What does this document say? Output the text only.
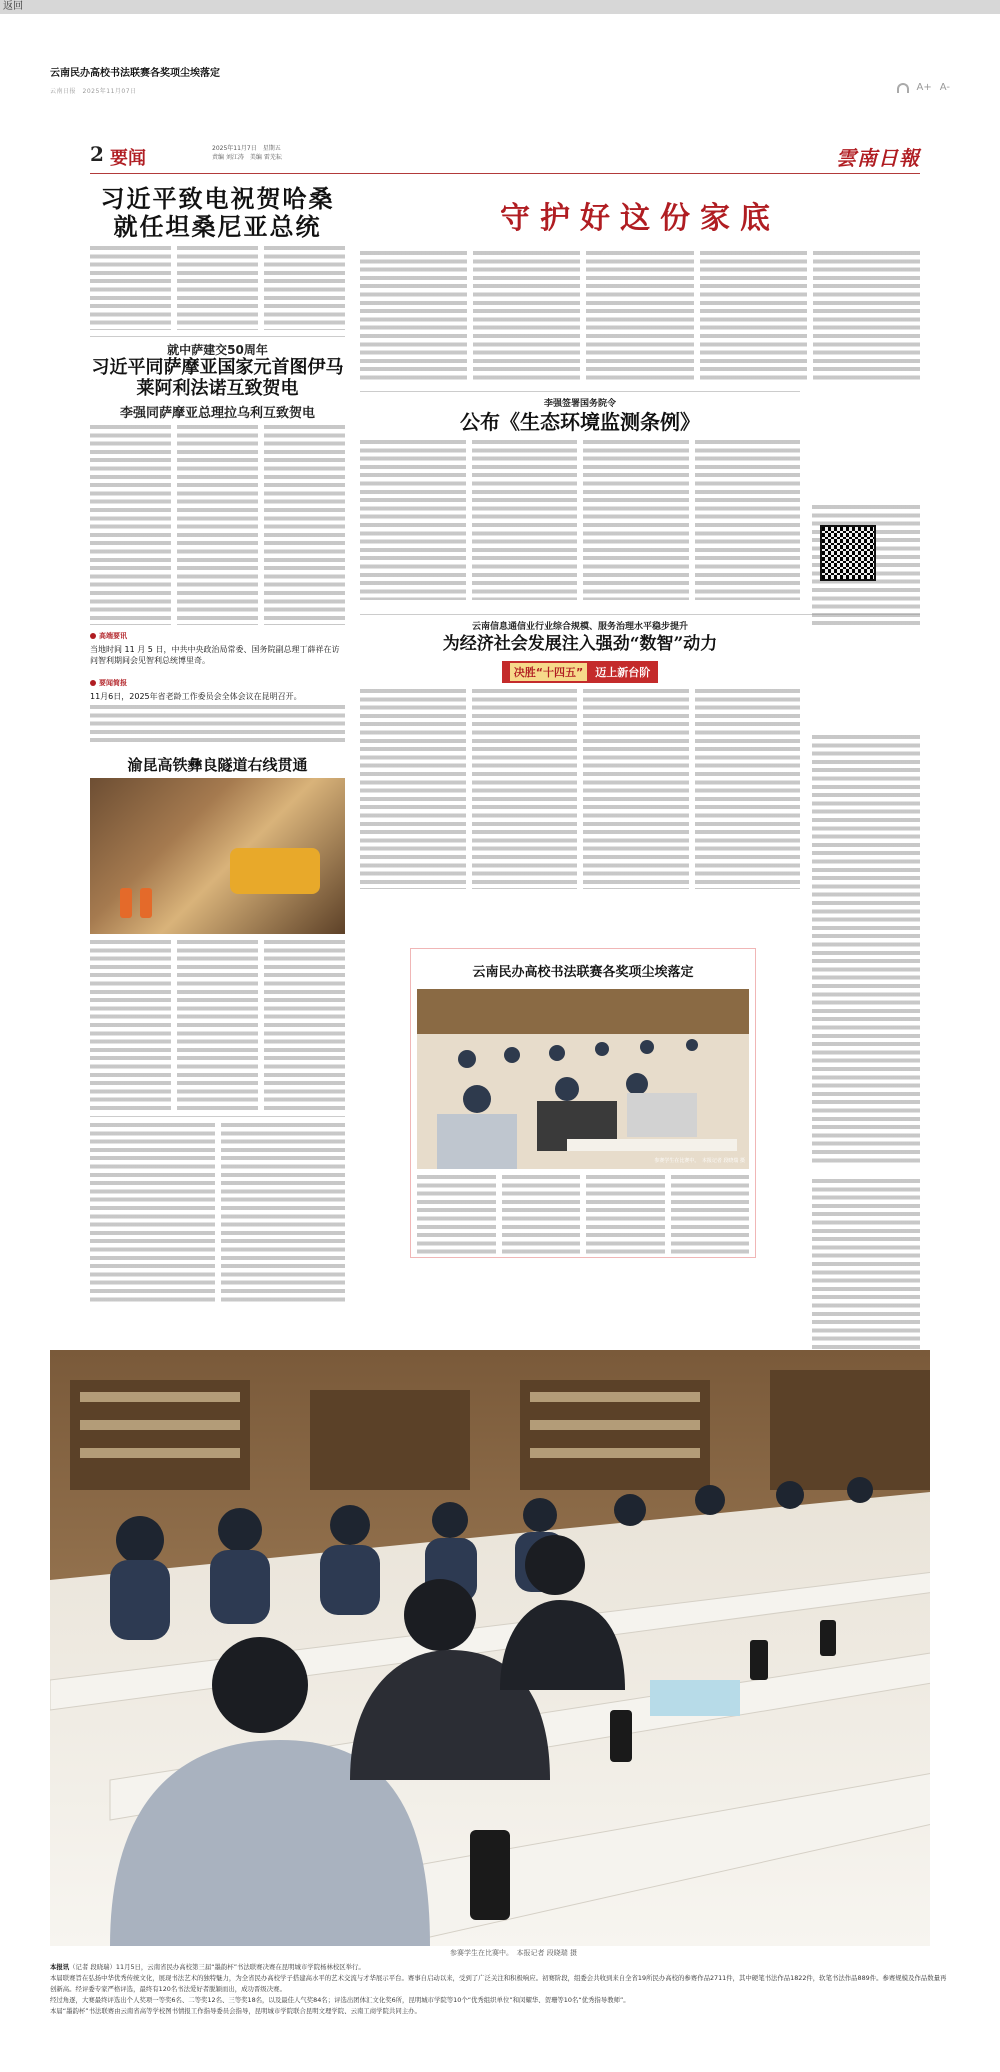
返回
云南民办高校书法联赛各奖项尘埃落定
云南日报　2025年11月07日	A+ A-
2 要闻	2025年11月7日　星期五
责编 刘江涛　美编 雷芜耘	雲南日報
习近平致电祝贺哈桑就任坦桑尼亚总统
就中萨建交50周年
习近平同萨摩亚国家元首图伊马莱阿利法诺互致贺电
李强同萨摩亚总理拉乌利互致贺电
高端要讯
当地时间 11 月 5 日，中共中央政治局常委、国务院副总理丁薛祥在访问智利期间会见智利总统博里奇。
要闻简报
11月6日，2025年省老龄工作委员会全体会议在昆明召开。
渝昆高铁彝良隧道右线贯通
守护好这份家底
李强签署国务院令
公布《生态环境监测条例》
云南信息通信业行业综合规模、服务治理水平稳步提升
为经济社会发展注入强劲“数智”动力
决胜“十四五”	迈上新台阶
云南民办高校书法联赛各奖项尘埃落定
参赛学生在比赛中。　本报记者 段晓瑞 摄
参赛学生在比赛中。　本报记者 段晓瑞 摄

本报讯（记者 段晓瑞）11月5日，云南省民办高校第三届“墨韵杯”书法联赛决赛在昆明城市学院杨林校区举行。

本届联赛旨在弘扬中华优秀传统文化，展现书法艺术的独特魅力，为全省民办高校学子搭建高水平的艺术交流与才华展示平台。赛事自启动以来，受到了广泛关注和积极响应。初赛阶段，组委会共收到来自全省19所民办高校的参赛作品2711件，其中硬笔书法作品1822件，软笔书法作品889件。参赛规模及作品数量再创新高。经评委专家严格评选，最终有120名书法爱好者脱颖而出，成功晋级决赛。

经过角逐，大赛最终评选出个人奖项一等奖6名、二等奖12名、三等奖18名，以及最佳人气奖84名；评选出团体汇文化奖6所，昆明城市学院等10个“优秀组织单位”和闵耀华、贺珊等10名“优秀指导教师”。

本届“墨韵杯”书法联赛由云南省高等学校图书情报工作指导委员会指导，昆明城市学院联合昆明文理学院、云南工商学院共同主办。
